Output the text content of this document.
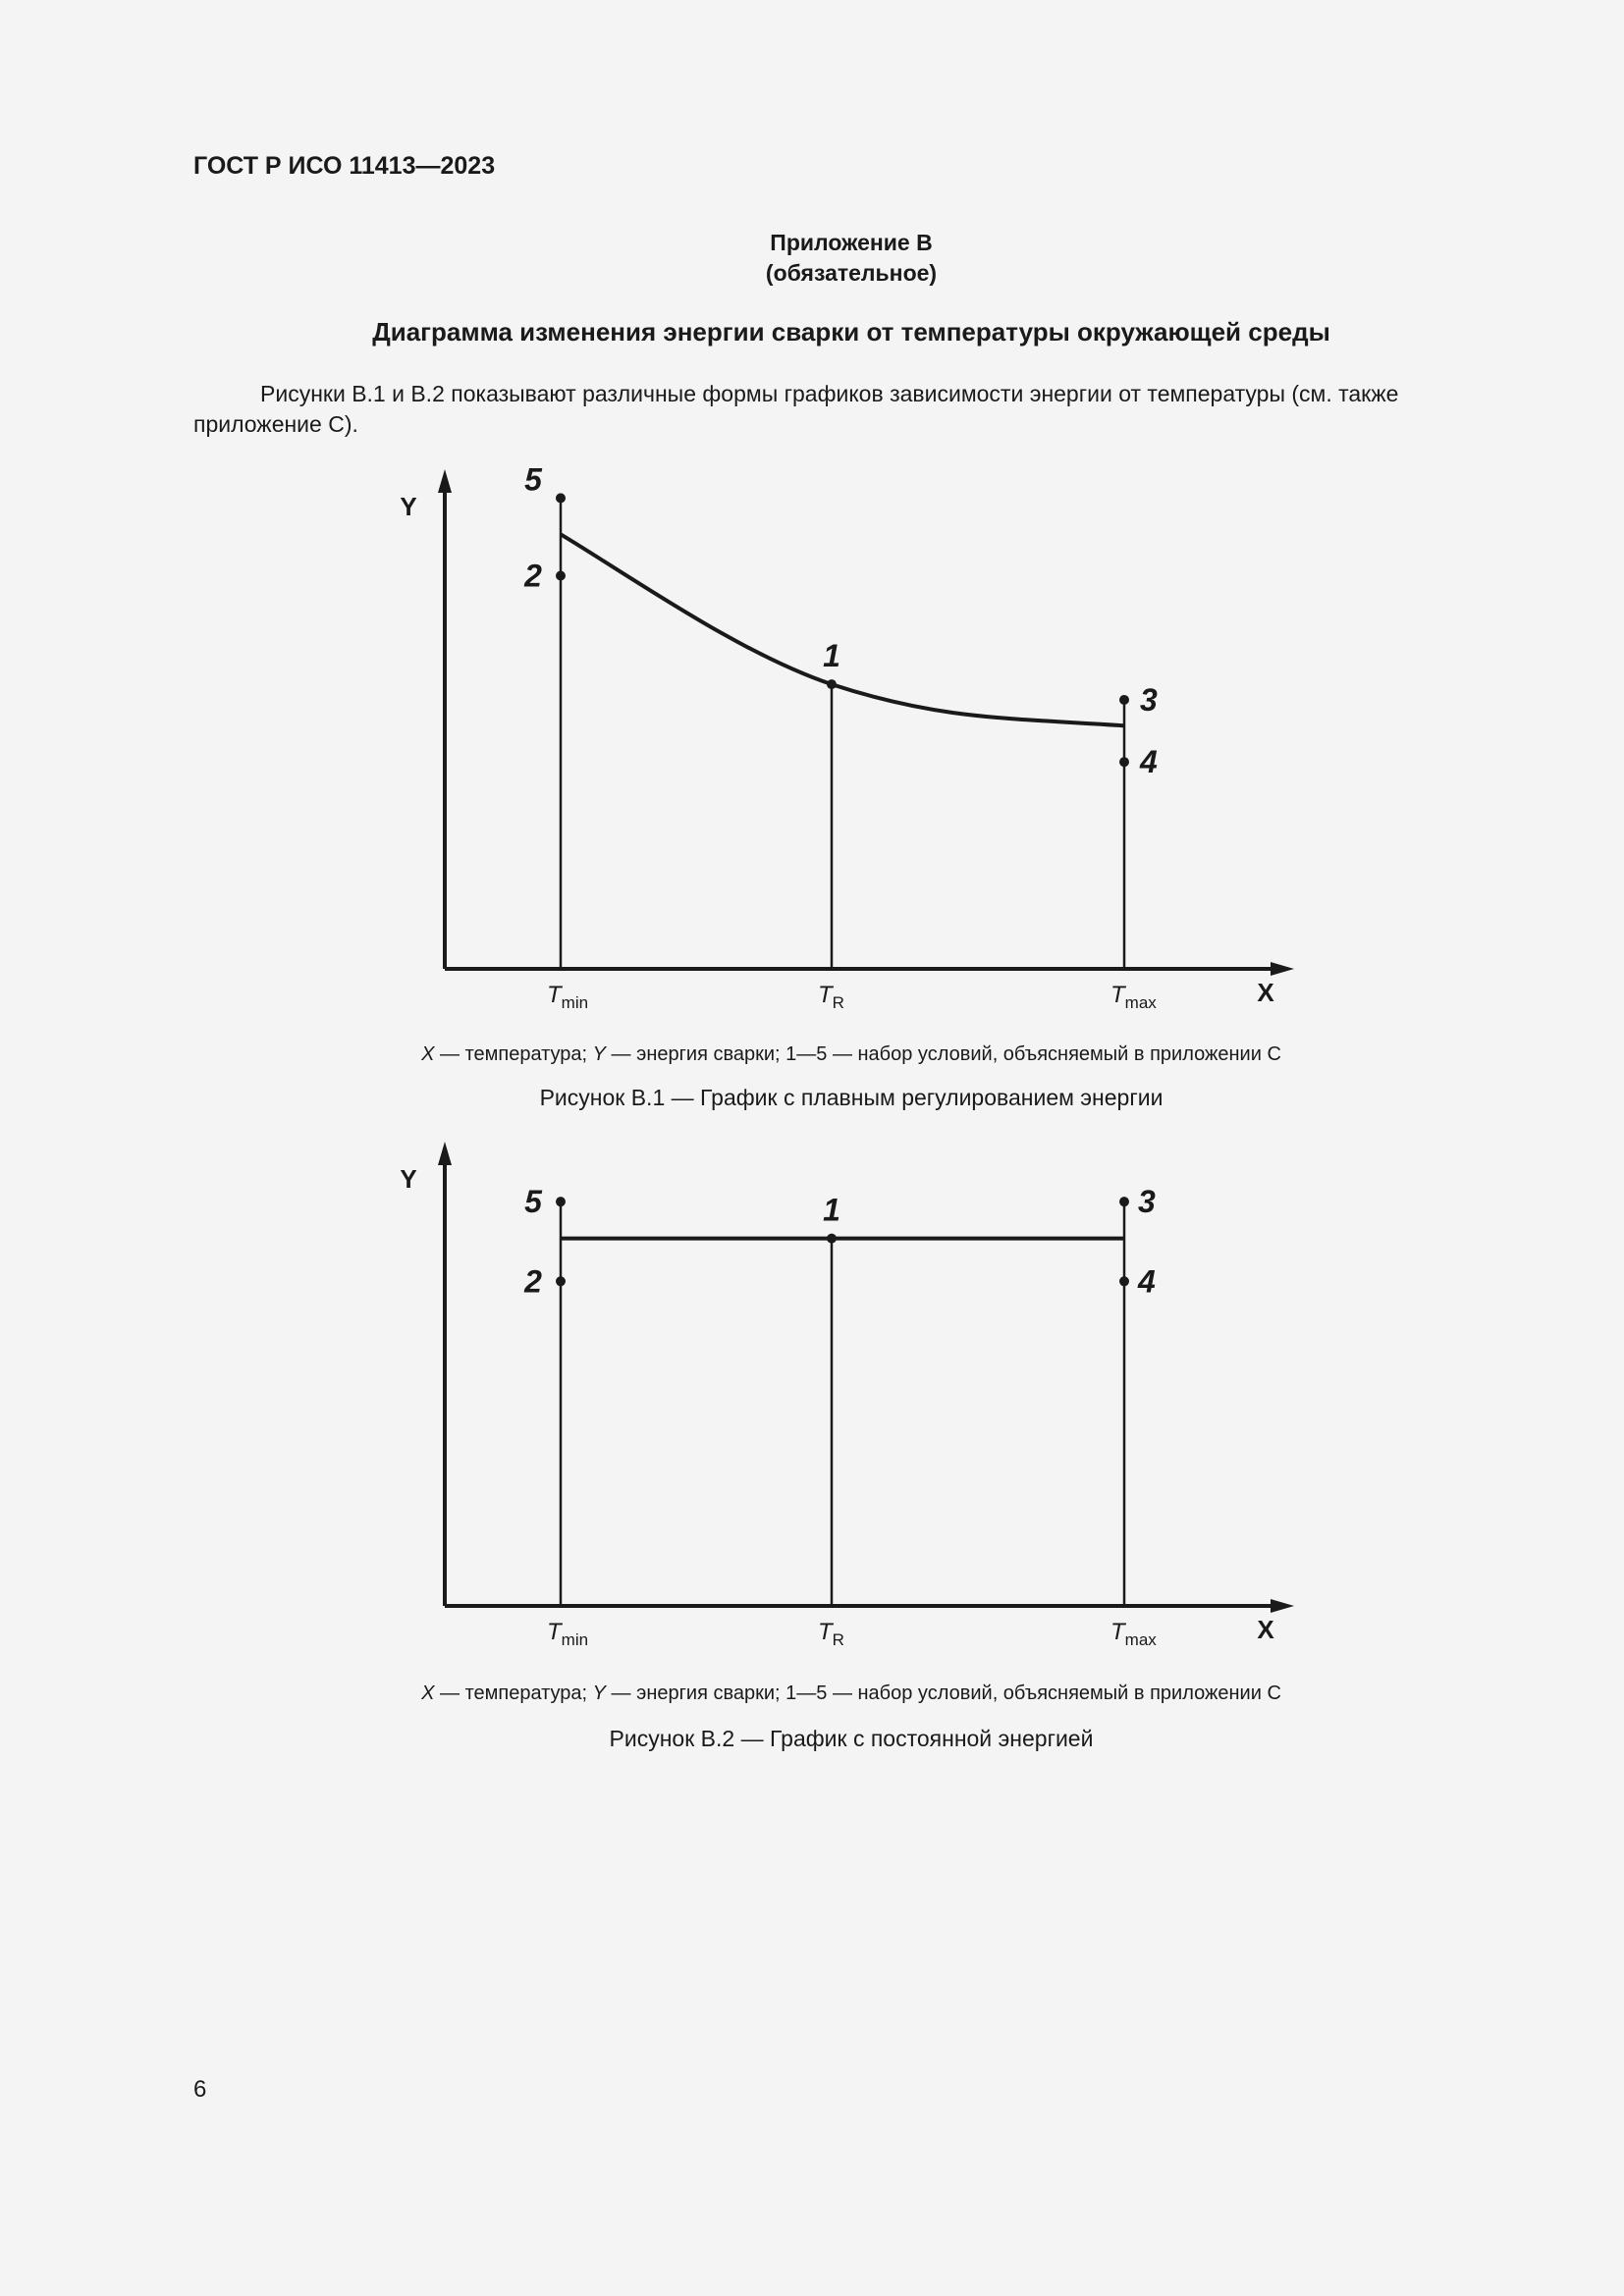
ГОСТ Р ИСО 11413—2023
Приложение В
(обязательное)
Диаграмма изменения энергии сварки от температуры окружающей среды
Рисунки В.1 и В.2 показывают различные формы графиков зависимости энергии от температуры (см. также приложение С).
Y
X
5
2
1
3
4
$T_{min}$	$T_R$	$T_{max}$
Y
X
5
2
1	3
4
$T_{min}$	$T_R$	$T_{max}$
X — температура; Y — энергия сварки; 1—5 — набор условий, объясняемый в приложении С
Рисунок В.1 — График с плавным регулированием энергии
X — температура; Y — энергия сварки; 1—5 — набор условий, объясняемый в приложении С
Рисунок В.2 — График с постоянной энергией
6
